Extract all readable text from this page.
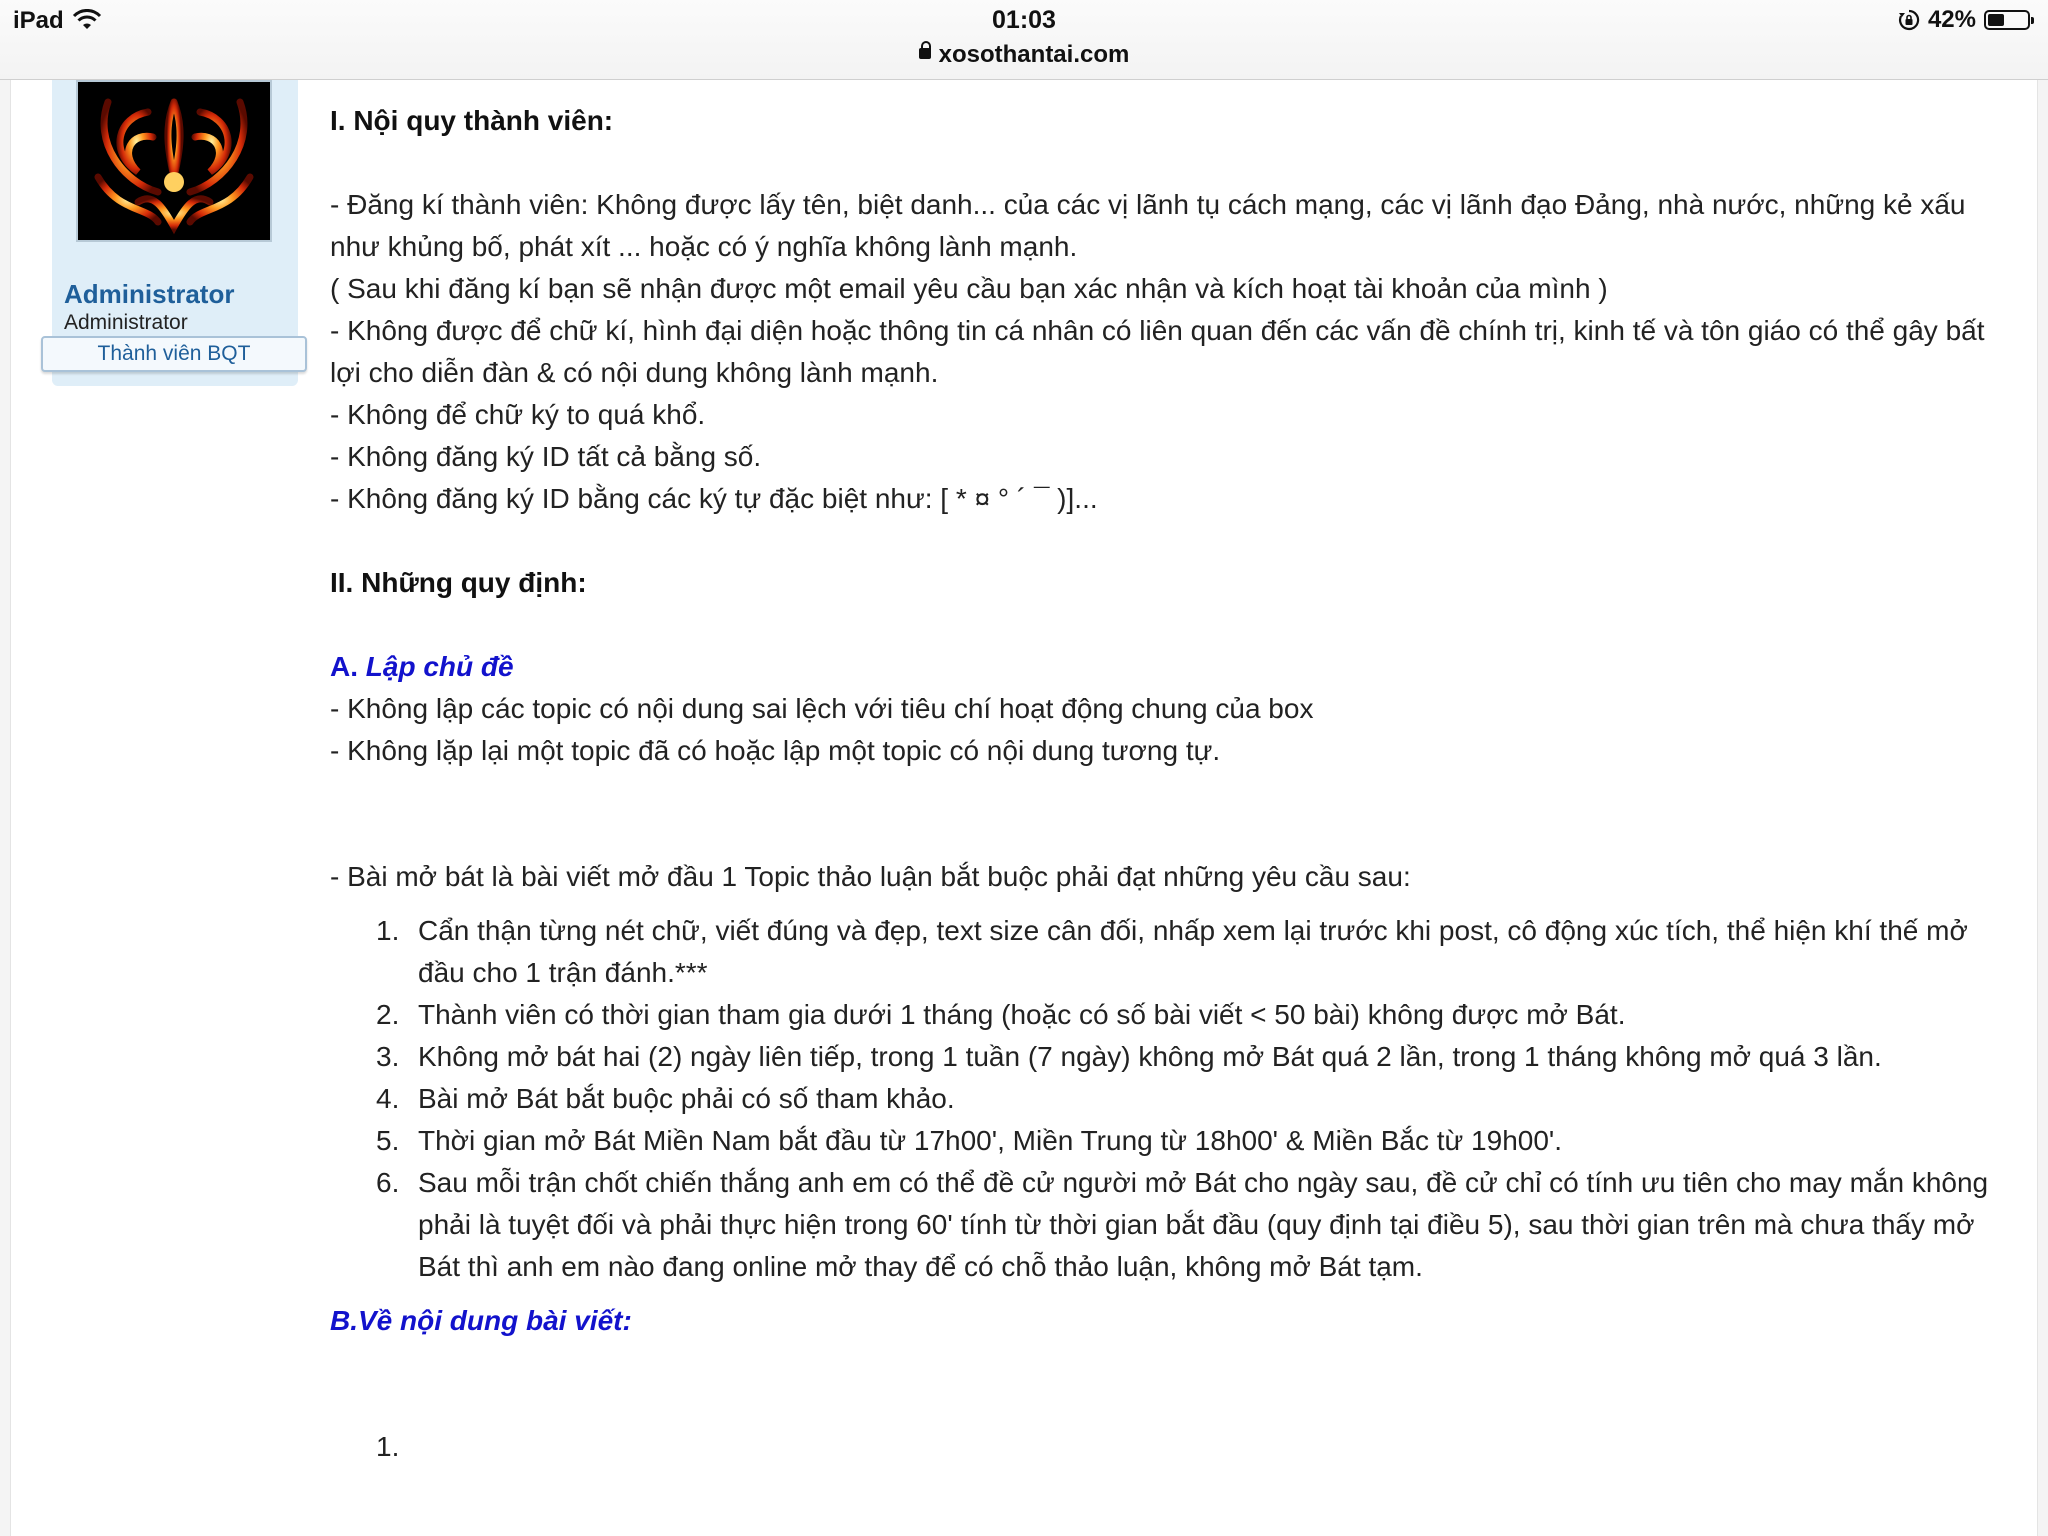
iPad	01:03
xosothantai.com
42%
Administrator
Administrator
Thành viên BQT
I. Nội quy thành viên:
- Đăng kí thành viên: Không được lấy tên, biệt danh... của các vị lãnh tụ cách mạng, các vị lãnh đạo Đảng, nhà nước, những kẻ xấu như khủng bố, phát xít ... hoặc có ý nghĩa không lành mạnh.
( Sau khi đăng kí bạn sẽ nhận được một email yêu cầu bạn xác nhận và kích hoạt tài khoản của mình )
- Không được để chữ kí, hình đại diện hoặc thông tin cá nhân có liên quan đến các vấn đề chính trị, kinh tế và tôn giáo có thể gây bất lợi cho diễn đàn & có nội dung không lành mạnh.
- Không để chữ ký to quá khổ.
- Không đăng ký ID tất cả bằng số.
- Không đăng ký ID bằng các ký tự đặc biệt như: [ * ¤ ° ´ ¯ )]...
II. Những quy định:
A. Lập chủ đề
- Không lập các topic có nội dung sai lệch với tiêu chí hoạt động chung của box
- Không lặp lại một topic đã có hoặc lập một topic có nội dung tương tự.
- Bài mở bát là bài viết mở đầu 1 Topic thảo luận bắt buộc phải đạt những yêu cầu sau:
1. Cẩn thận từng nét chữ, viết đúng và đẹp, text size cân đối, nhấp xem lại trước khi post, cô động xúc tích, thể hiện khí thế mở đầu cho 1 trận đánh.***
2. Thành viên có thời gian tham gia dưới 1 tháng (hoặc có số bài viết < 50 bài) không được mở Bát.
3. Không mở bát hai (2) ngày liên tiếp, trong 1 tuần (7 ngày) không mở Bát quá 2 lần, trong 1 tháng không mở quá 3 lần.
4. Bài mở Bát bắt buộc phải có số tham khảo.
5. Thời gian mở Bát Miền Nam bắt đầu từ 17h00', Miền Trung từ 18h00' & Miền Bắc từ 19h00'.
6. Sau mỗi trận chốt chiến thắng anh em có thể đề cử người mở Bát cho ngày sau, đề cử chỉ có tính ưu tiên cho may mắn không phải là tuyệt đối và phải thực hiện trong 60' tính từ thời gian bắt đầu (quy định tại điều 5), sau thời gian trên mà chưa thấy mở Bát thì anh em nào đang online mở thay để có chỗ thảo luận, không mở Bát tạm.
B.Về nội dung bài viết:
1.
